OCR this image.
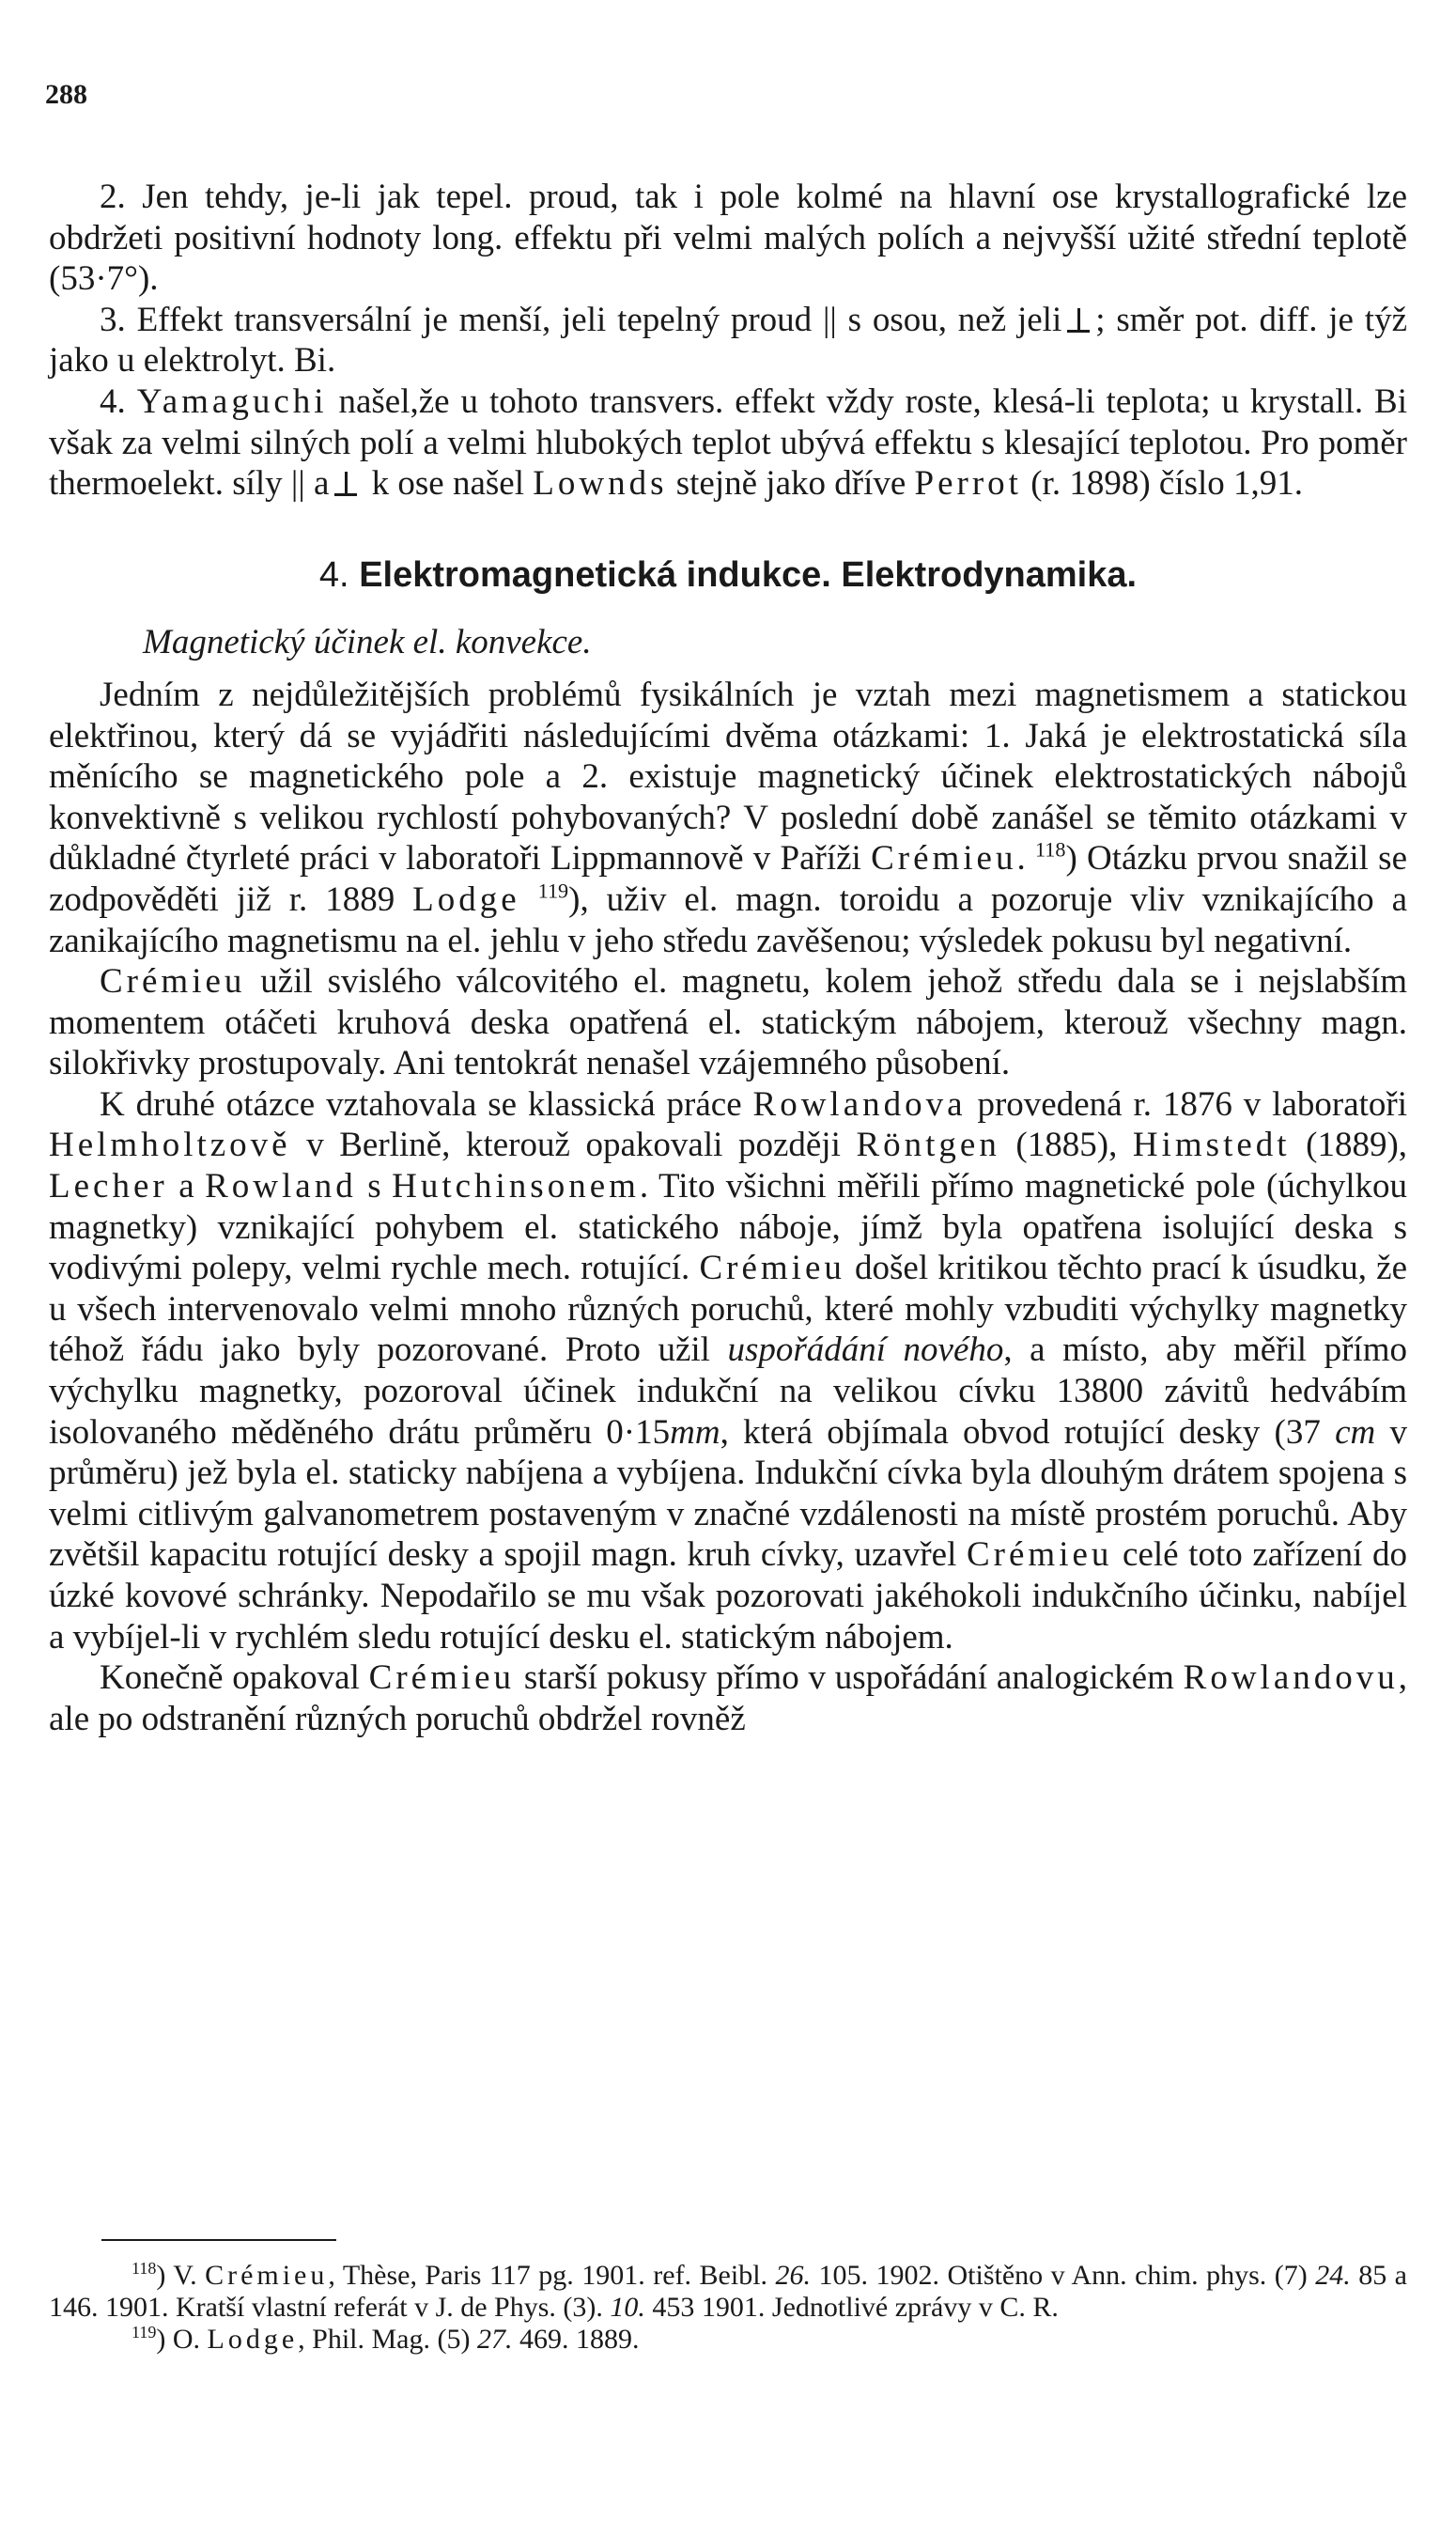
288

2. Jen tehdy, je-li jak tepel. proud, tak i pole kolmé na hlavní ose krystallografické lze obdržeti positivní hodnoty long. effektu při velmi malých polích a nejvyšší užité střední teplotě (53·7°).

3. Effekt transversální je menší, jeli tepelný proud || s osou, než jeli ; směr pot. diff. je týž jako u elektrolyt. Bi.

4. Yamaguchi našel,že u tohoto transvers. effekt vždy roste, klesá-li teplota; u krystall. Bi však za velmi silných polí a velmi hlubokých teplot ubývá effektu s klesající teplotou. Pro poměr thermoelekt. síly || a k ose našel Lownds stejně jako dříve Perrot (r. 1898) číslo 1,91.

4. Elektromagnetická indukce. Elektrodynamika.
Magnetický účinek el. konvekce.

Jedním z nejdůležitějších problémů fysikálních je vztah mezi magnetismem a statickou elektřinou, který dá se vyjádřiti následujícími dvěma otázkami: 1. Jaká je elektrostatická síla měnícího se magnetického pole a 2. existuje magnetický účinek elektrostatických nábojů konvektivně s velikou rychlostí pohybovaných? V poslední době zanášel se těmito otázkami v důkladné čtyrleté práci v laboratoři Lippmannově v Paříži Crémieu. $^{118}$) Otázku prvou snažil se zodpověděti již r. 1889 Lodge $^{119}$), uživ el. magn. toroidu a pozoruje vliv vznikajícího a zanikajícího magnetismu na el. jehlu v jeho středu zavěšenou; výsledek pokusu byl negativní.

Crémieu užil svislého válcovitého el. magnetu, kolem jehož středu dala se i nejslabším momentem otáčeti kruhová deska opatřená el. statickým nábojem, kterouž všechny magn. silokřivky prostupovaly. Ani tentokrát nenašel vzájemného působení.

K druhé otázce vztahovala se klassická práce Rowlandova provedená r. 1876 v laboratoři Helmholtzově v Berlině, kterouž opakovali později Röntgen (1885), Himstedt (1889), Lecher a Rowland s Hutchinsonem. Tito všichni měřili přímo magnetické pole (úchylkou magnetky) vznikající pohybem el. statického náboje, jímž byla opatřena isolující deska s vodivými polepy, velmi rychle mech. rotující. Crémieu došel kritikou těchto prací k úsudku, že u všech intervenovalo velmi mnoho různých poruchů, které mohly vzbuditi výchylky magnetky téhož řádu jako byly pozorované. Proto užil uspořádání nového, a místo, aby měřil přímo výchylku magnetky, pozoroval účinek indukční na velikou cívku 13800 závitů hedvábím isolovaného měděného drátu průměru 0·15mm, která objímala obvod rotující desky (37 cm v průměru) jež byla el. staticky nabíjena a vybíjena. Indukční cívka byla dlouhým drátem spojena s velmi citlivým galvanometrem postaveným v značné vzdálenosti na místě prostém poruchů. Aby zvětšil kapacitu rotující desky a spojil magn. kruh cívky, uzavřel Crémieu celé toto zařízení do úzké kovové schránky. Nepodařilo se mu však pozorovati jakéhokoli indukčního účinku, nabíjel a vybíjel-li v rychlém sledu rotující desku el. statickým nábojem.

Konečně opakoval Crémieu starší pokusy přímo v uspořádání analogickém Rowlandovu, ale po odstranění různých poruchů obdržel rovněž

$^{118}$) V. Crémieu, Thèse, Paris 117 pg. 1901. ref. Beibl. 26. 105. 1902. Otištěno v Ann. chim. phys. (7) 24. 85 a 146. 1901. Kratší vlastní referát v J. de Phys. (3). 10. 453 1901. Jednotlivé zprávy v C. R.

$^{119}$) O. Lodge, Phil. Mag. (5) 27. 469. 1889.
